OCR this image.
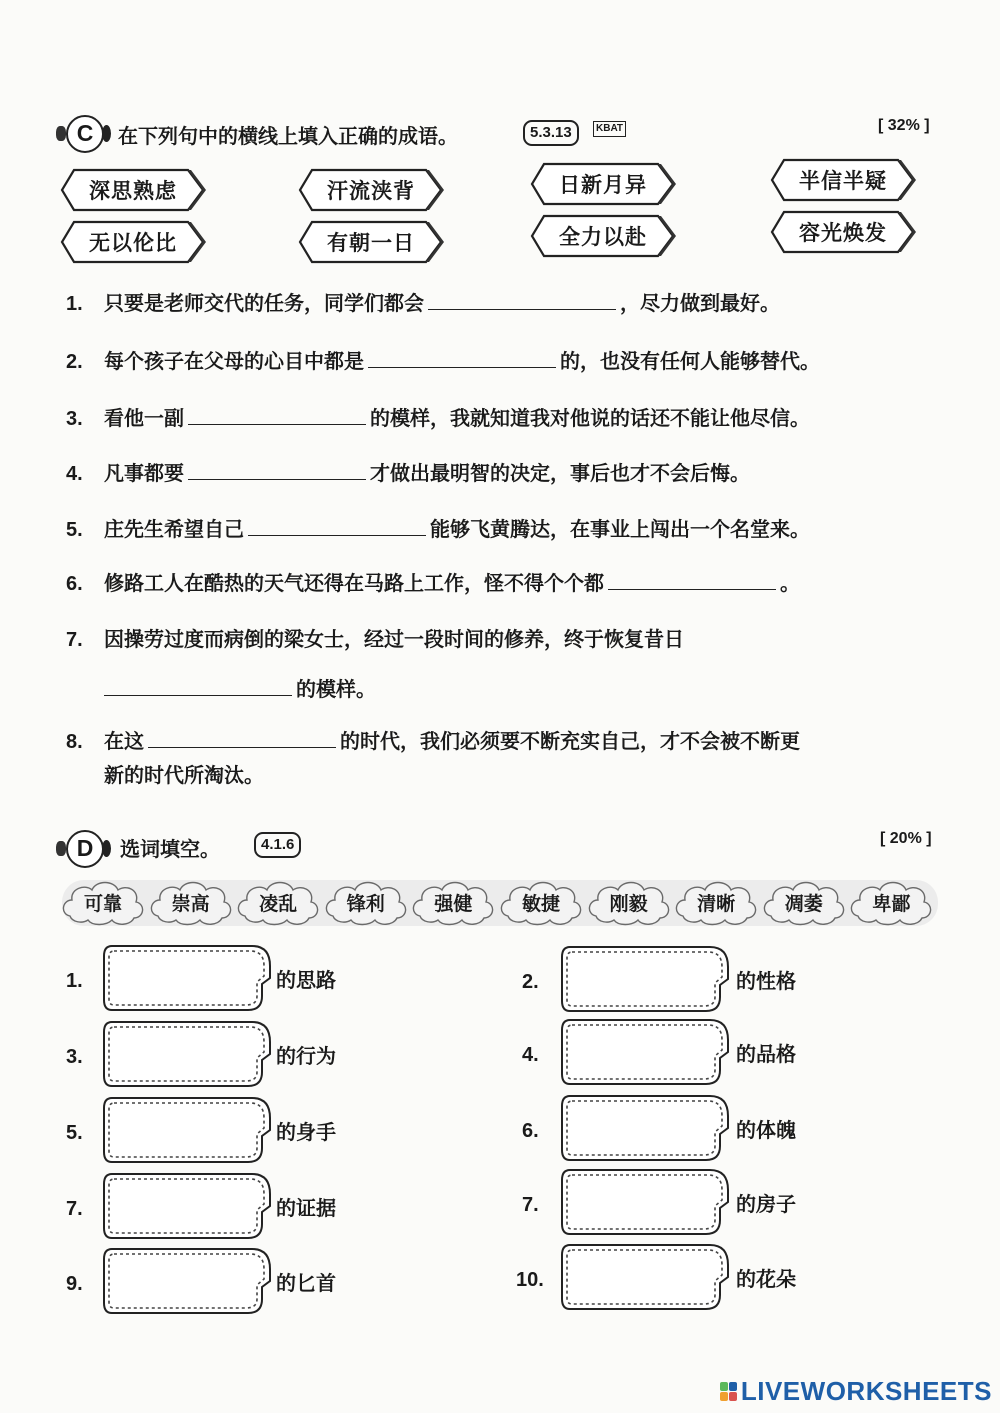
C	在下列句中的横线上填入正确的成语。	5.3.13	KBAT	[ 32% ]
深思熟虑	汗流浃背	日新月异	半信半疑
无以伦比	有朝一日	全力以赴	容光焕发
1. 只要是老师交代的任务，同学们都会	，尽力做到最好。
2. 每个孩子在父母的心目中都是	的，也没有任何人能够替代。
3. 看他一副	的模样，我就知道我对他说的话还不能让他尽信。
4. 凡事都要	才做出最明智的决定，事后也才不会后悔。
5. 庄先生希望自己	能够飞黄腾达，在事业上闯出一个名堂来。
6. 修路工人在酷热的天气还得在马路上工作，怪不得个个都	。
7. 因操劳过度而病倒的梁女士，经过一段时间的修养，终于恢复昔日
的模样。
8. 在这	的时代，我们必须要不断充实自己，才不会被不断更
新的时代所淘汰。
D	选词填空。	4.1.6	[ 20% ]
可靠	崇高	凌乱	锋利	强健	敏捷	刚毅	清晰	凋萎	卑鄙
1.	的思路	2.	的性格
3.	的行为	4.	的品格
5.	的身手	6.	的体魄
7.	的证据	7.	的房子
9.	的匕首	10.	的花朵
LIVEWORKSHEETS
